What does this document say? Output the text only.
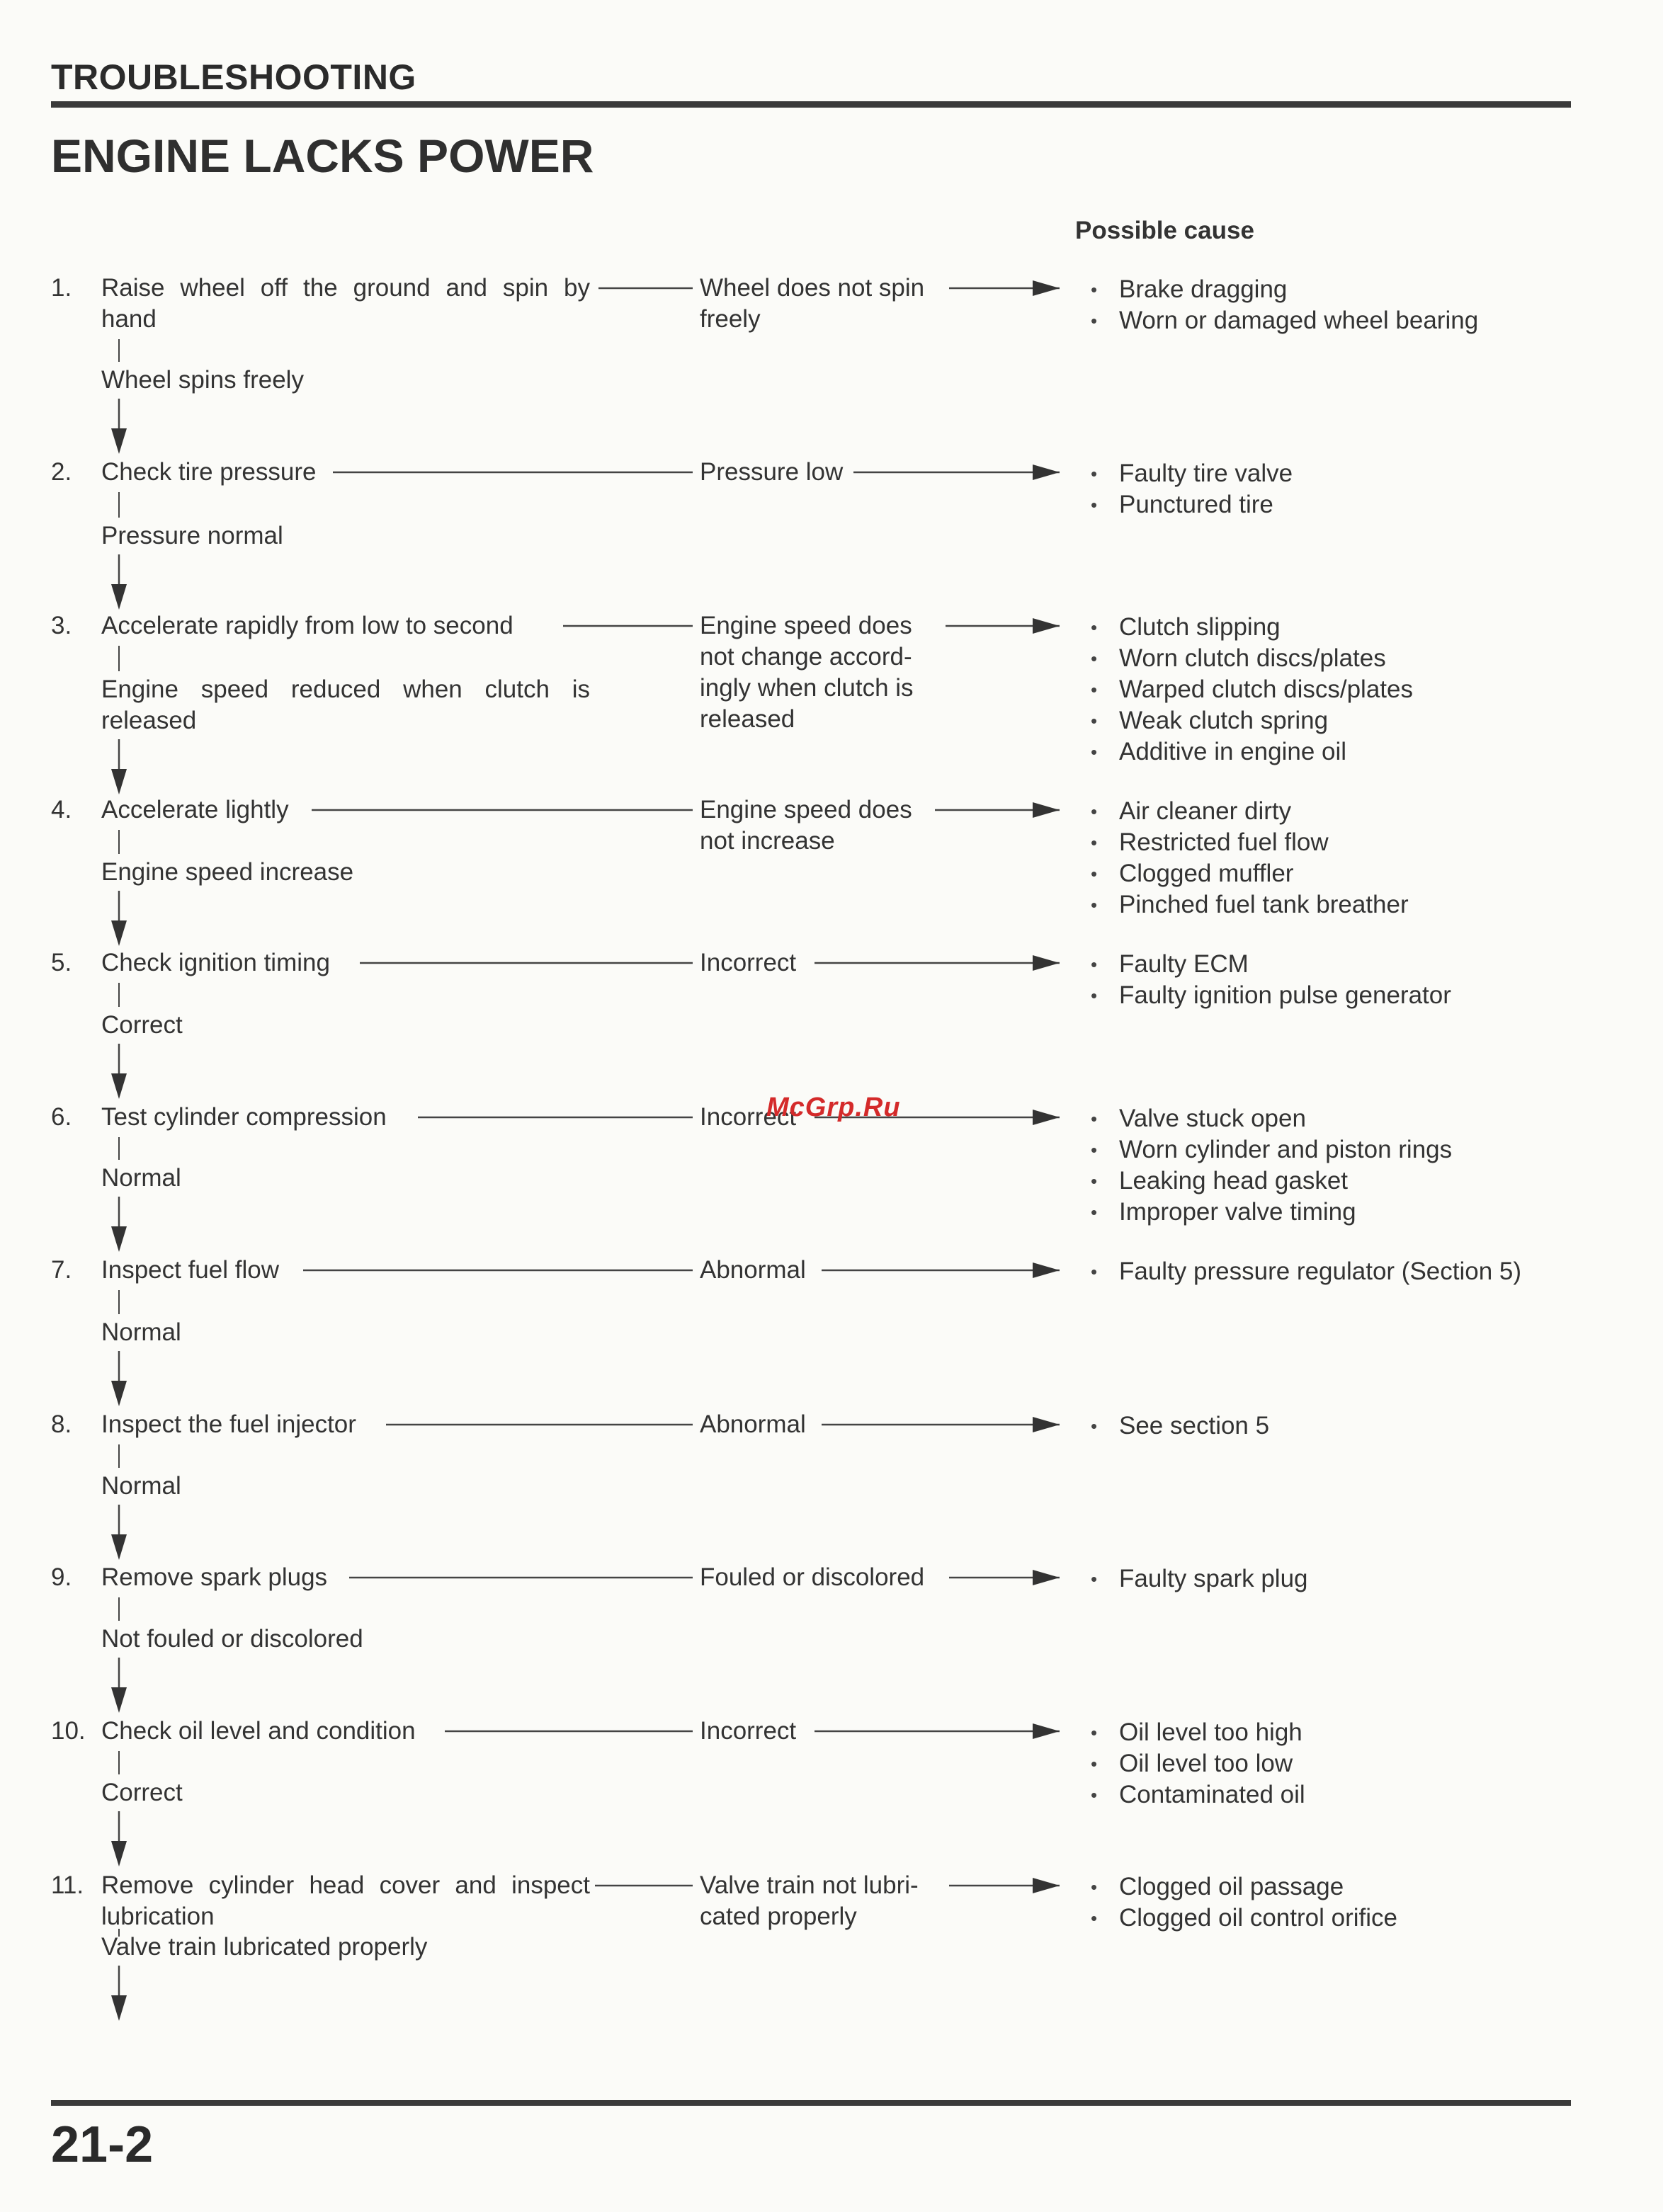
TROUBLESHOOTING
ENGINE LACKS POWER
Possible cause
1. Raise wheel off the ground and spin by hand
Wheel spins freely
Wheel does not spin freely
• Brake dragging
• Worn or damaged wheel bearing
2. Check tire pressure
Pressure normal
Pressure low	• Faulty tire valve
• Punctured tire
3. Accelerate rapidly from low to second
Engine speed reduced when clutch is released
Engine speed does not change accord-ingly when clutch is released
• Clutch slipping
• Worn clutch discs/plates
• Warped clutch discs/plates
• Weak clutch spring
• Additive in engine oil
4. Accelerate lightly
Engine speed increase
Engine speed does not increase
• Air cleaner dirty
• Restricted fuel flow
• Clogged muffler
• Pinched fuel tank breather
5. Check ignition timing
Correct
Incorrect	• Faulty ECM
• Faulty ignition pulse generator
6. Test cylinder compression
Normal
Incorrect	• Valve stuck open
• Worn cylinder and piston rings
• Leaking head gasket
• Improper valve timing
7. Inspect fuel flow
Normal
Abnormal	• Faulty pressure regulator (Section 5)
8. Inspect the fuel injector
Normal
Abnormal	• See section 5
9. Remove spark plugs
Not fouled or discolored
Fouled or discolored	• Faulty spark plug
10. Check oil level and condition
Correct
Incorrect	• Oil level too high
• Oil level too low
• Contaminated oil
11. Remove cylinder head cover and inspect lubrication
Valve train lubricated properly
Valve train not lubri-cated properly
• Clogged oil passage
• Clogged oil control orifice
McGrp.Ru
21-2
